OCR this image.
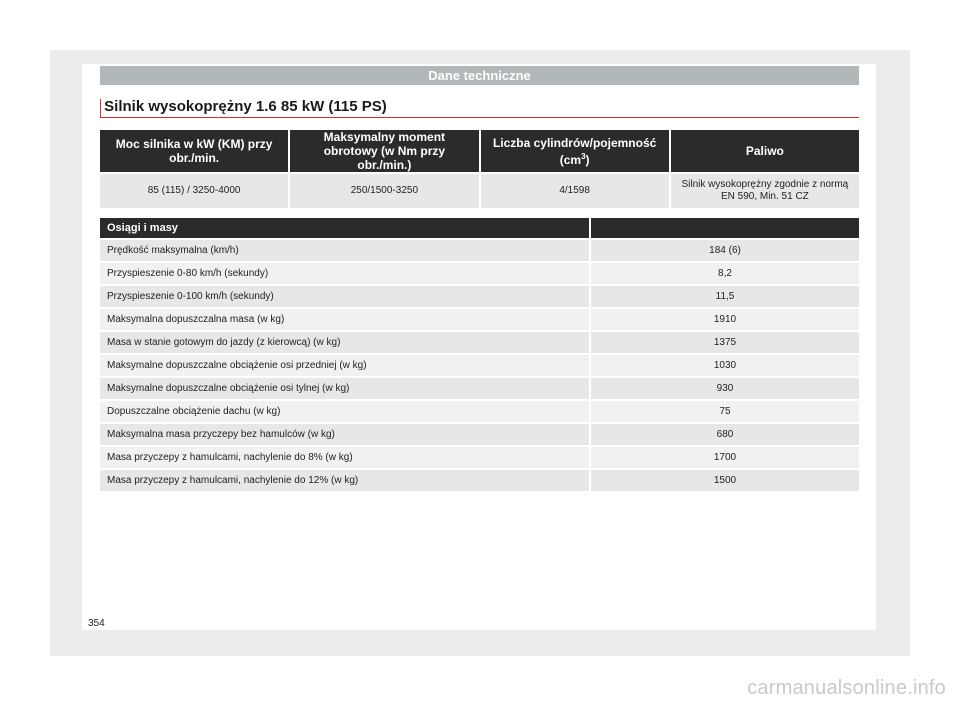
Dane techniczne
Silnik wysokoprężny 1.6 85 kW (115 PS)
Moc silnika w kW (KM) przy obr./min.	Maksymalny moment obrotowy (w Nm przy obr./min.)	Liczba cylindrów/pojemność $(cm^3)$	Paliwo
85 (115) / 3250-4000	250/1500-3250	4/1598	Silnik wysokoprężny zgodnie z normą EN 590, Min. 51 CZ
Osiągi i masy	
Prędkość maksymalna (km/h)	184 (6)
Przyspieszenie 0-80 km/h (sekundy)	8,2
Przyspieszenie 0-100 km/h (sekundy)	11,5
Maksymalna dopuszczalna masa (w kg)	1910
Masa w stanie gotowym do jazdy (z kierowcą) (w kg)	1375
Maksymalne dopuszczalne obciążenie osi przedniej (w kg)	1030
Maksymalne dopuszczalne obciążenie osi tylnej (w kg)	930
Dopuszczalne obciążenie dachu (w kg)	75
Maksymalna masa przyczepy bez hamulców (w kg)	680
Masa przyczepy z hamulcami, nachylenie do 8% (w kg)	1700
Masa przyczepy z hamulcami, nachylenie do 12% (w kg)	1500
354
carmanualsonline.info
